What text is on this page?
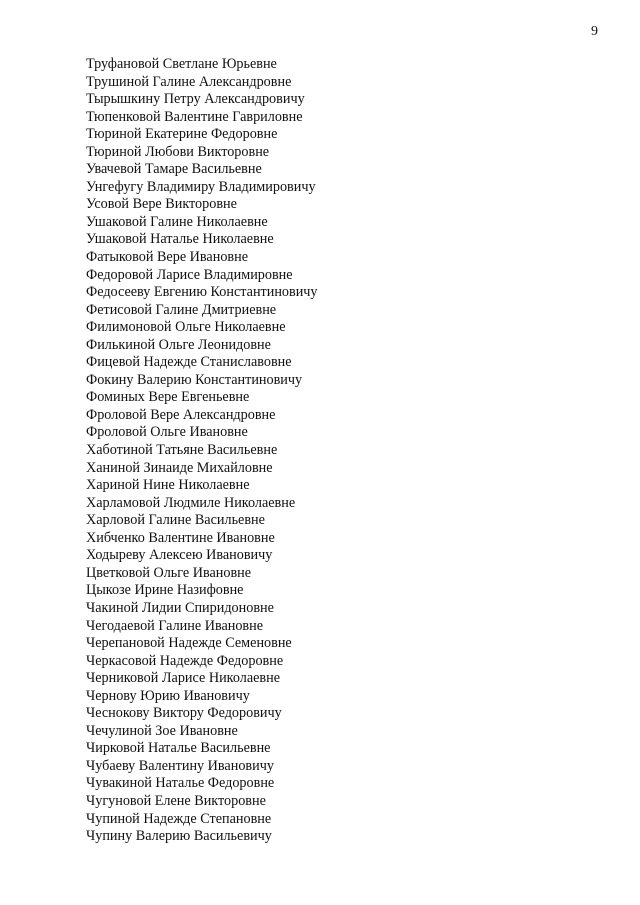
9
Труфановой Светлане Юрьевне
Трушиной Галине Александровне
Тырышкину Петру Александровичу
Тюпенковой Валентине Гавриловне
Тюриной Екатерине Федоровне
Тюриной Любови Викторовне
Увачевой Тамаре Васильевне
Унгефугу Владимиру Владимировичу
Усовой Вере Викторовне
Ушаковой Галине Николаевне
Ушаковой Наталье Николаевне
Фатыковой Вере Ивановне
Федоровой Ларисе Владимировне
Федосееву Евгению Константиновичу
Фетисовой Галине Дмитриевне
Филимоновой Ольге Николаевне
Филькиной Ольге Леонидовне
Фицевой Надежде Станиславовне
Фокину Валерию Константиновичу
Фоминых Вере Евгеньевне
Фроловой Вере Александровне
Фроловой Ольге Ивановне
Хаботиной Татьяне Васильевне
Ханиной Зинаиде Михайловне
Хариной Нине Николаевне
Харламовой Людмиле Николаевне
Харловой Галине Васильевне
Хибченко Валентине Ивановне
Ходыреву Алексею Ивановичу
Цветковой Ольге Ивановне
Цыкозе Ирине Назифовне
Чакиной Лидии Спиридоновне
Чегодаевой Галине Ивановне
Черепановой Надежде Семеновне
Черкасовой Надежде Федоровне
Черниковой Ларисе Николаевне
Чернову Юрию Ивановичу
Чеснокову Виктору Федоровичу
Чечулиной Зое Ивановне
Чирковой Наталье Васильевне
Чубаеву Валентину Ивановичу
Чувакиной Наталье Федоровне
Чугуновой Елене Викторовне
Чупиной Надежде Степановне
Чупину Валерию Васильевичу
